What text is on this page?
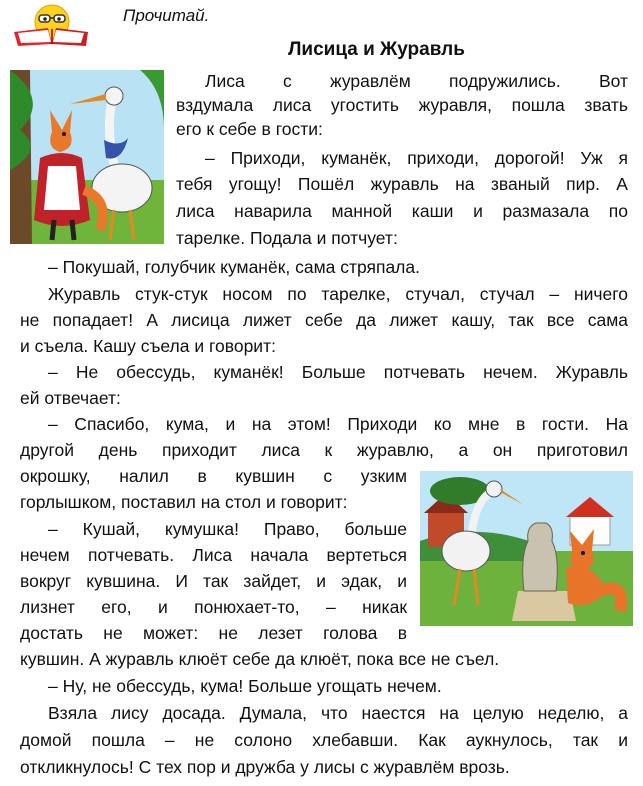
Прочитай.
Лисица и Журавль
Лиса с журавлём подружились. Вот
вздумала лиса угостить журавля, пошла звать
его к себе в гости:
– Приходи, куманёк, приходи, дорогой! Уж я
тебя угощу! Пошёл журавль на званый пир. А
лиса наварила манной каши и размазала по
тарелке. Подала и потчует:
– Покушай, голубчик куманёк, сама стряпала.
Журавль стук-стук носом по тарелке, стучал, стучал – ничего
не попадает! А лисица лижет себе да лижет кашу, так все сама
и съела. Кашу съела и говорит:
– Не обессудь, куманёк! Больше потчевать нечем. Журавль
ей отвечает:
– Спасибо, кума, и на этом! Приходи ко мне в гости. На
другой день приходит лиса к журавлю, а он приготовил
окрошку, налил в кувшин с узким
горлышком, поставил на стол и говорит:
– Кушай, кумушка! Право, больше
нечем потчевать. Лиса начала вертеться
вокруг кувшина. И так зайдет, и эдак, и
лизнет его, и понюхает-то, – никак
достать не может: не лезет голова в
кувшин. А журавль клюёт себе да клюёт, пока все не съел.
– Ну, не обессудь, кума! Больше угощать нечем.
Взяла лису досада. Думала, что наестся на целую неделю, а
домой пошла – не солоно хлебавши. Как аукнулось, так и
откликнулось! С тех пор и дружба у лисы с журавлём врозь.
